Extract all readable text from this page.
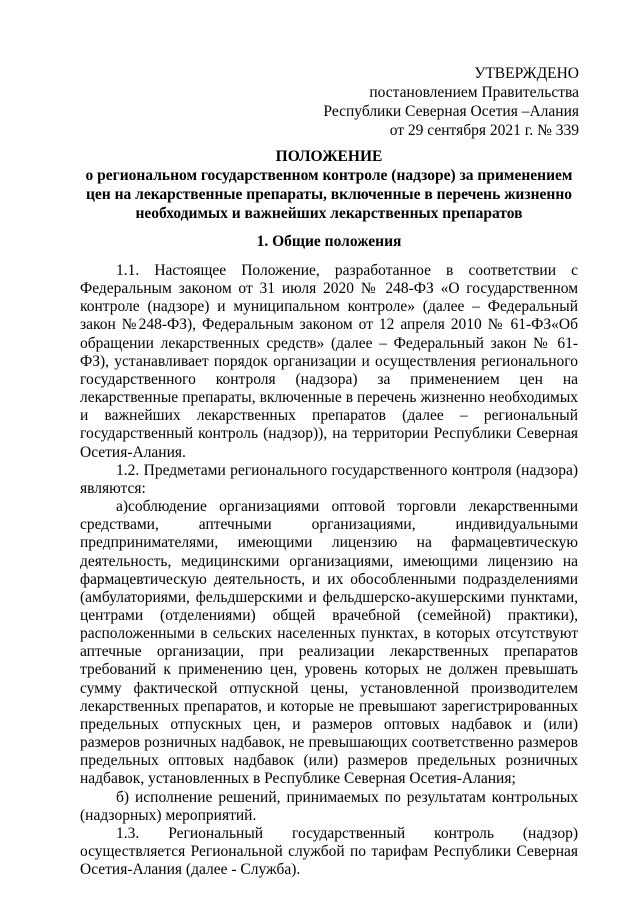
УТВЕРЖДЕНО
постановлением Правительства
Республики Северная Осетия –Алания
от 29 сентября 2021 г. № 339
ПОЛОЖЕНИЕ
о региональном государственном контроле (надзоре) за применением цен на лекарственные препараты, включенные в перечень жизненно необходимых и важнейших лекарственных препаратов
1. Общие положения

1.1. Настоящее Положение, разработанное в соответствии с Федеральным законом от 31 июля 2020 № 248-ФЗ «О государственном контроле (надзоре) и муниципальном контроле» (далее – Федеральный закон №248-ФЗ), Федеральным законом от 12 апреля 2010 № 61-ФЗ«Об обращении лекарственных средств» (далее – Федеральный закон № 61-ФЗ), устанавливает порядок организации и осуществления регионального государственного контроля (надзора) за применением цен на лекарственные препараты, включенные в перечень жизненно необходимых и важнейших лекарственных препаратов (далее – региональный государственный контроль (надзор)), на территории Республики Северная Осетия-Алания.

1.2. Предметами регионального государственного контроля (надзора) являются:

а)соблюдение организациями оптовой торговли лекарственными средствами, аптечными организациями, индивидуальными предпринимателями, имеющими лицензию на фармацевтическую деятельность, медицинскими организациями, имеющими лицензию на фармацевтическую деятельность, и их обособленными подразделениями (амбулаториями, фельдшерскими и фельдшерско-акушерскими пунктами, центрами (отделениями) общей врачебной (семейной) практики), расположенными в сельских населенных пунктах, в которых отсутствуют аптечные организации, при реализации лекарственных препаратов требований к применению цен, уровень которых не должен превышать сумму фактической отпускной цены, установленной производителем лекарственных препаратов, и которые не превышают зарегистрированных предельных отпускных цен, и размеров оптовых надбавок и (или) размеров розничных надбавок, не превышающих соответственно размеров предельных оптовых надбавок (или) размеров предельных розничных надбавок, установленных в Республике Северная Осетия-Алания;

б) исполнение решений, принимаемых по результатам контрольных (надзорных) мероприятий.

1.3. Региональный государственный контроль (надзор) осуществляется Региональной службой по тарифам Республики Северная Осетия-Алания (далее - Служба).
